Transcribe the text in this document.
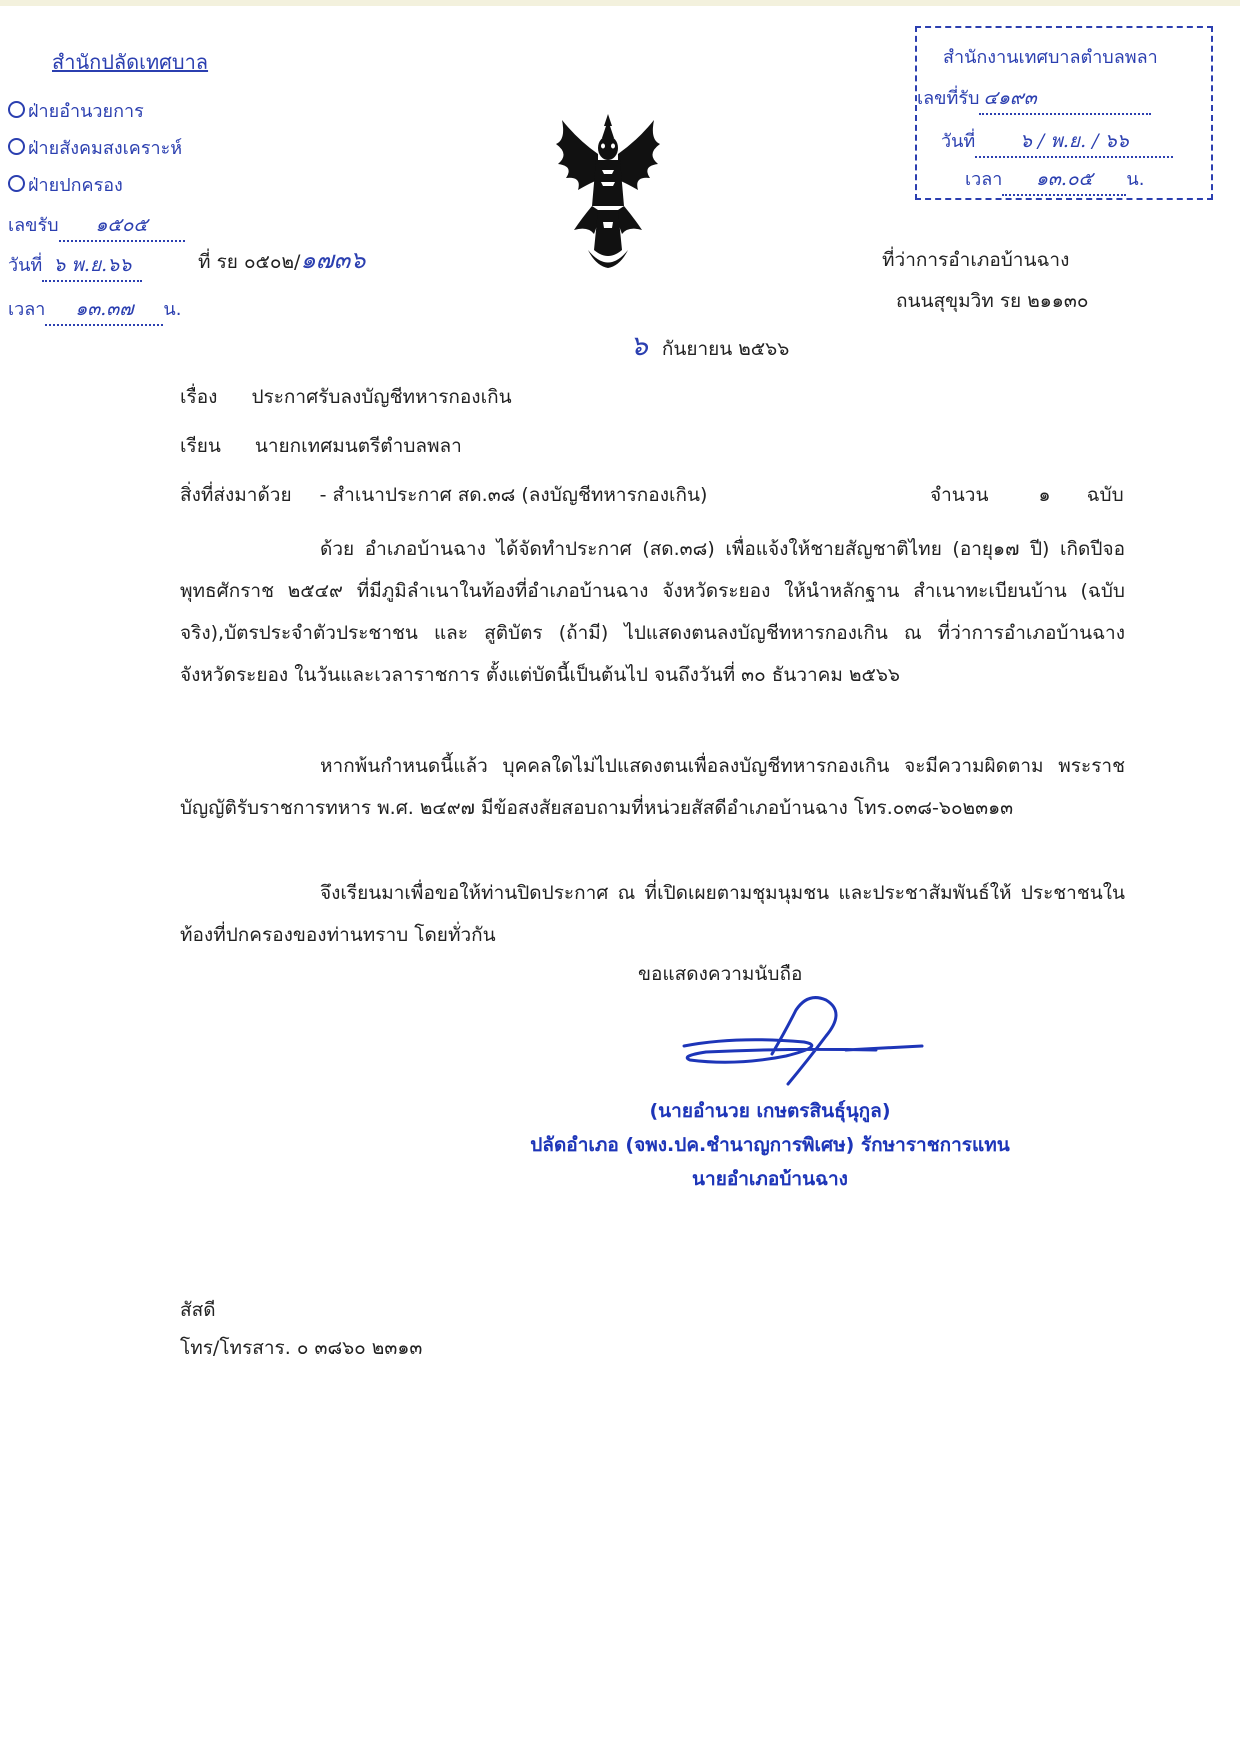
สำนักปลัดเทศบาล
ฝ่ายอำนวยการ
ฝ่ายสังคมสงเคราะห์
ฝ่ายปกครอง
เลขรับ ๑๕๐๕
วันที่ ๖ พ.ย.๖๖
เวลา ๑๓.๓๗ น.
ที่ รย ๐๕๐๒/๑๗๓๖
สำนักงานเทศบาลตำบลพลา
เลขที่รับ ๔๑๙๓
วันที่ ๖ / พ.ย. / ๖๖
เวลา ๑๓.๐๕ น.
ที่ว่าการอำเภอบ้านฉาง
ถนนสุขุมวิท รย ๒๑๑๓๐
๖ กันยายน ๒๕๖๖
เรื่อง ประกาศรับลงบัญชีทหารกองเกิน
เรียน นายกเทศมนตรีตำบลพลา
สิ่งที่ส่งมาด้วย - สำเนาประกาศ สด.๓๘ (ลงบัญชีทหารกองเกิน)	จำนวน	๑ ฉบับ
ด้วย อำเภอบ้านฉาง ได้จัดทำประกาศ (สด.๓๘) เพื่อแจ้งให้ชายสัญชาติไทย (อายุ๑๗ ปี) เกิดปีจอ พุทธศักราช ๒๕๔๙ ที่มีภูมิลำเนาในท้องที่อำเภอบ้านฉาง จังหวัดระยอง ให้นำหลักฐาน สำเนาทะเบียนบ้าน (ฉบับจริง),บัตรประจำตัวประชาชน และ สูติบัตร (ถ้ามี) ไปแสดงตนลงบัญชีทหารกองเกิน ณ ที่ว่าการอำเภอบ้านฉาง จังหวัดระยอง ในวันและเวลาราชการ ตั้งแต่บัดนี้เป็นต้นไป จนถึงวันที่ ๓๐ ธันวาคม ๒๕๖๖
หากพ้นกำหนดนี้แล้ว บุคคลใดไม่ไปแสดงตนเพื่อลงบัญชีทหารกองเกิน จะมีความผิดตาม พระราชบัญญัติรับราชการทหาร พ.ศ. ๒๔๙๗ มีข้อสงสัยสอบถามที่หน่วยสัสดีอำเภอบ้านฉาง โทร.๐๓๘-๖๐๒๓๑๓
จึงเรียนมาเพื่อขอให้ท่านปิดประกาศ ณ ที่เปิดเผยตามชุมนุมชน และประชาสัมพันธ์ให้ ประชาชนในท้องที่ปกครองของท่านทราบ โดยทั่วกัน
ขอแสดงความนับถือ
(นายอำนวย เกษตรสินธุ์นุกูล)
ปลัดอำเภอ (จพง.ปค.ชำนาญการพิเศษ) รักษาราชการแทน
นายอำเภอบ้านฉาง
สัสดี
โทร/โทรสาร. ๐ ๓๘๖๐ ๒๓๑๓
